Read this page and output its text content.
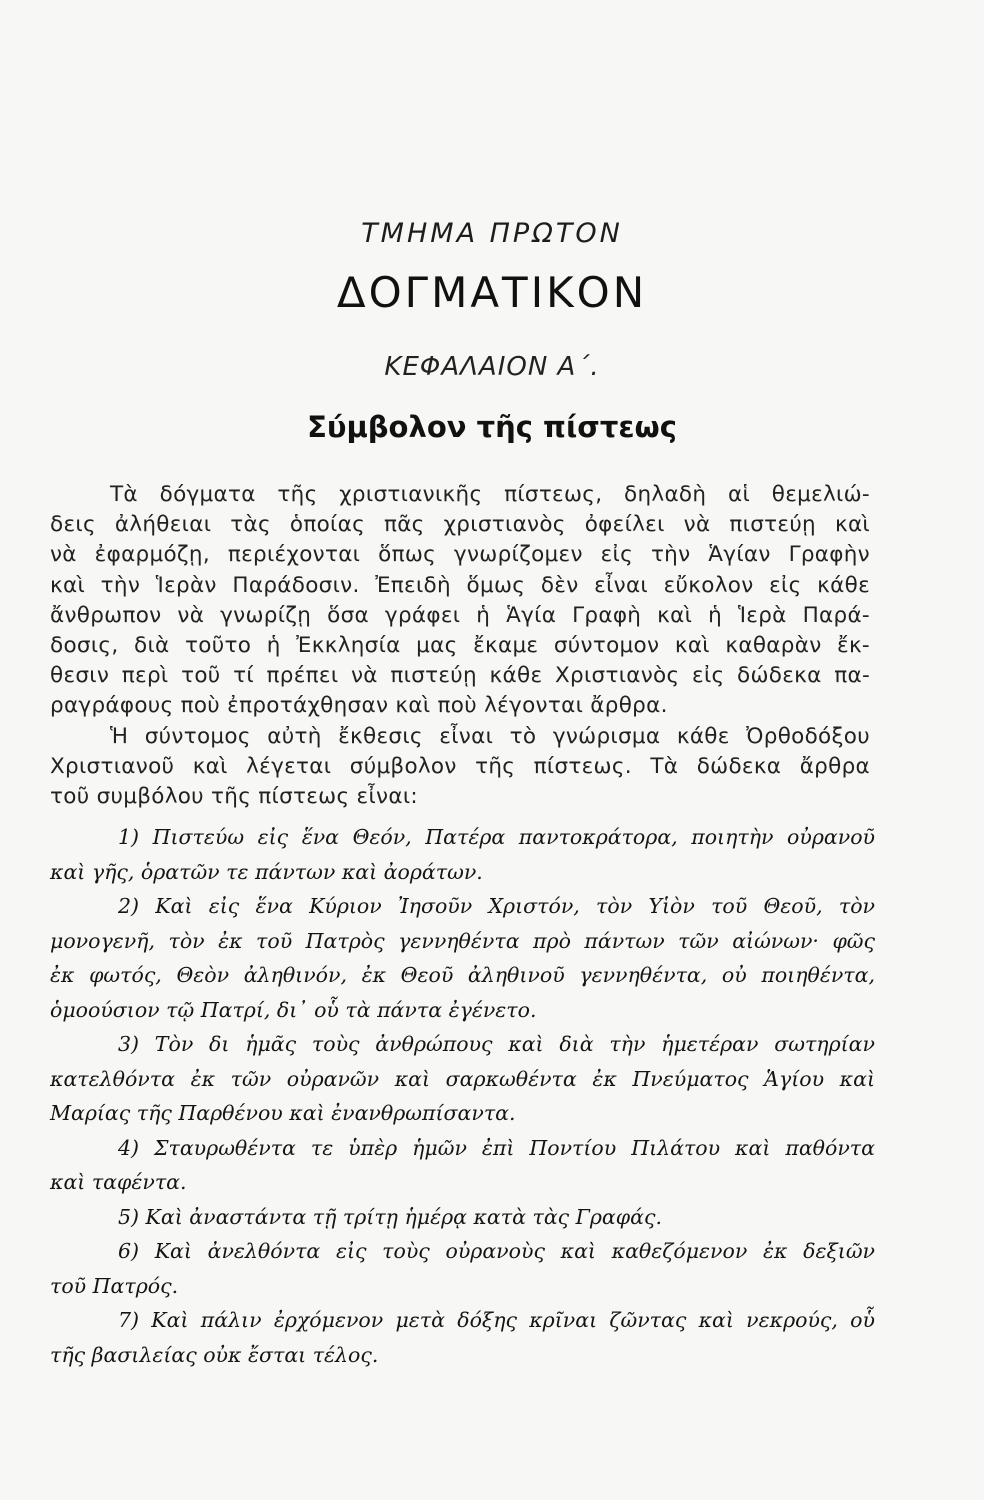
ΤΜΗΜΑ ΠΡΩΤΟΝ
ΔΟΓΜΑΤΙΚΟΝ
ΚΕΦΑΛΑΙΟΝ Α΄.
Σύμβολον τῆς πίστεως
Τὰ δόγματα τῆς χριστιανικῆς πίστεως, δηλαδὴ αἱ θεμελιώ-
δεις ἀλήθειαι τὰς ὁποίας πᾶς χριστιανὸς ὀφείλει νὰ πιστεύῃ καὶ
νὰ ἐφαρμόζῃ, περιέχονται ὅπως γνωρίζομεν εἰς τὴν Ἁγίαν Γραφὴν
καὶ τὴν Ἱερὰν Παράδοσιν. Ἐπειδὴ ὅμως δὲν εἶναι εὔκολον εἰς κάθε
ἄνθρωπον νὰ γνωρίζῃ ὅσα γράφει ἡ Ἁγία Γραφὴ καὶ ἡ Ἱερὰ Παρά-
δοσις, διὰ τοῦτο ἡ Ἐκκλησία μας ἔκαμε σύντομον καὶ καθαρὰν ἔκ-
θεσιν περὶ τοῦ τί πρέπει νὰ πιστεύῃ κάθε Χριστιανὸς εἰς δώδεκα πα-
ραγράφους ποὺ ἐπροτάχθησαν καὶ ποὺ λέγονται ἄρθρα.
Ἡ σύντομος αὐτὴ ἔκθεσις εἶναι τὸ γνώρισμα κάθε Ὀρθοδόξου
Χριστιανοῦ καὶ λέγεται σύμβολον τῆς πίστεως. Τὰ δώδεκα ἄρθρα
τοῦ συμβόλου τῆς πίστεως εἶναι:
1) Πιστεύω εἰς ἕνα Θεόν, Πατέρα παντοκράτορα, ποιητὴν οὐρανοῦ
καὶ γῆς, ὁρατῶν τε πάντων καὶ ἀοράτων.
2) Καὶ εἰς ἕνα Κύριον Ἰησοῦν Χριστόν, τὸν Υἱὸν τοῦ Θεοῦ, τὸν
μονογενῆ, τὸν ἐκ τοῦ Πατρὸς γεννηθέντα πρὸ πάντων τῶν αἰώνων· φῶς
ἐκ φωτός, Θεὸν ἀληθινόν, ἐκ Θεοῦ ἀληθινοῦ γεννηθέντα, οὐ ποιηθέντα,
ὁμοούσιον τῷ Πατρί, δι᾽ οὗ τὰ πάντα ἐγένετο.
3) Τὸν δι ἡμᾶς τοὺς ἀνθρώπους καὶ διὰ τὴν ἡμετέραν σωτηρίαν
κατελθόντα ἐκ τῶν οὐρανῶν καὶ σαρκωθέντα ἐκ Πνεύματος Ἁγίου καὶ
Μαρίας τῆς Παρθένου καὶ ἐνανθρωπίσαντα.
4) Σταυρωθέντα τε ὑπὲρ ἡμῶν ἐπὶ Ποντίου Πιλάτου καὶ παθόντα
καὶ ταφέντα.
5) Καὶ ἀναστάντα τῇ τρίτῃ ἡμέρᾳ κατὰ τὰς Γραφάς.
6) Καὶ ἀνελθόντα εἰς τοὺς οὐρανοὺς καὶ καθεζόμενον ἐκ δεξιῶν
τοῦ Πατρός.
7) Καὶ πάλιν ἐρχόμενον μετὰ δόξης κρῖναι ζῶντας καὶ νεκρούς, οὗ
τῆς βασιλείας οὐκ ἔσται τέλος.
